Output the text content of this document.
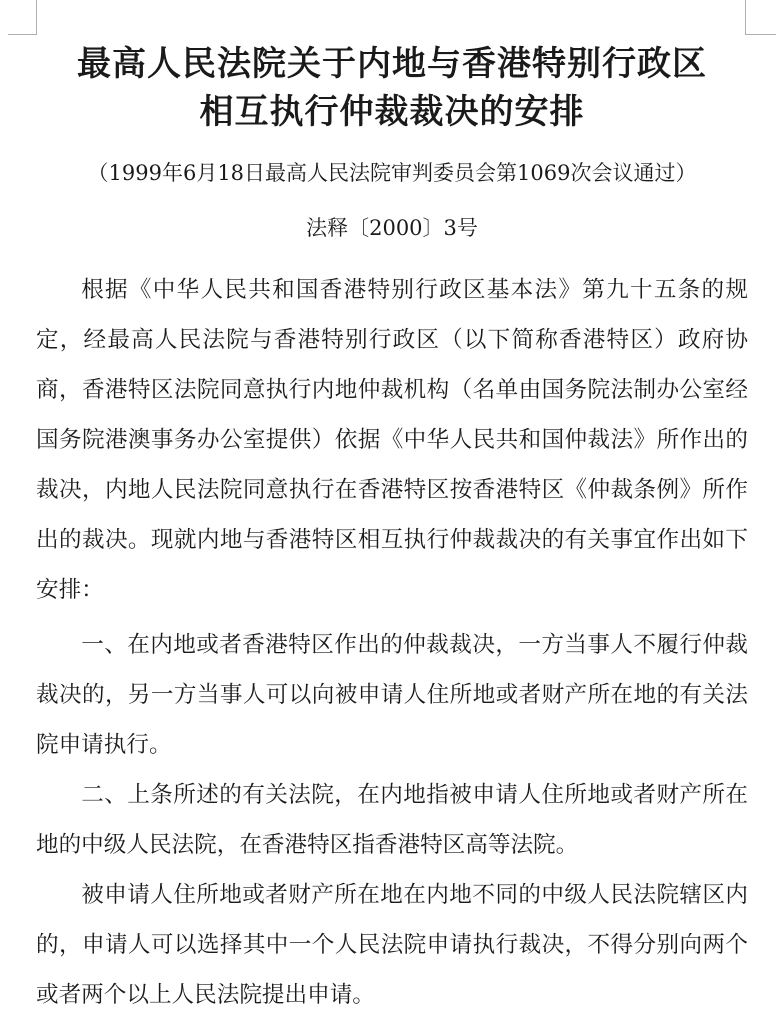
最高人民法院关于内地与香港特别行政区
相互执行仲裁裁决的安排
（1999年6月18日最高人民法院审判委员会第1069次会议通过）
法释〔2000〕3号

根据《中华人民共和国香港特别行政区基本法》第九十五条的规定，经最高人民法院与香港特别行政区（以下简称香港特区）政府协商，香港特区法院同意执行内地仲裁机构（名单由国务院法制办公室经国务院港澳事务办公室提供）依据《中华人民共和国仲裁法》所作出的裁决，内地人民法院同意执行在香港特区按香港特区《仲裁条例》所作出的裁决。现就内地与香港特区相互执行仲裁裁决的有关事宜作出如下安排：

一、在内地或者香港特区作出的仲裁裁决，一方当事人不履行仲裁裁决的，另一方当事人可以向被申请人住所地或者财产所在地的有关法院申请执行。

二、上条所述的有关法院，在内地指被申请人住所地或者财产所在地的中级人民法院，在香港特区指香港特区高等法院。

被申请人住所地或者财产所在地在内地不同的中级人民法院辖区内的，申请人可以选择其中一个人民法院申请执行裁决，不得分别向两个或者两个以上人民法院提出申请。
